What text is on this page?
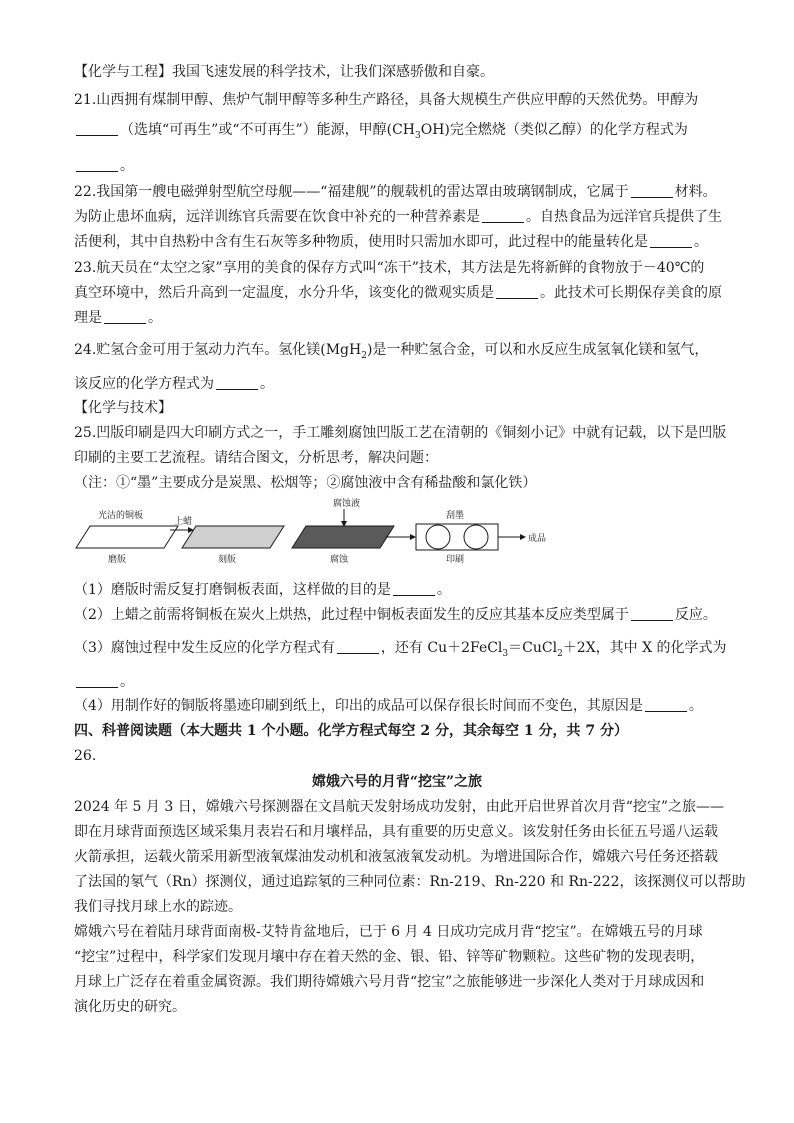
【化学与工程】我国飞速发展的科学技术，让我们深感骄傲和自豪。
21.山西拥有煤制甲醇、焦炉气制甲醇等多种生产路径，具备大规模生产供应甲醇的天然优势。甲醇为
（选填“可再生”或“不可再生”）能源，甲醇$(CH_3OH)$完全燃烧（类似乙醇）的化学方程式为
。
22.我国第一艘电磁弹射型航空母舰——“福建舰”的舰载机的雷达罩由玻璃钢制成，它属于	材料。
为防止患坏血病，远洋训练官兵需要在饮食中补充的一种营养素是	。自热食品为远洋官兵提供了生
活便利，其中自热粉中含有生石灰等多种物质，使用时只需加水即可，此过程中的能量转化是	。
23.航天员在“太空之家”享用的美食的保存方式叫“冻干”技术，其方法是先将新鲜的食物放于－40℃的
真空环境中，然后升高到一定温度，水分升华，该变化的微观实质是	。此技术可长期保存美食的原
理是	。
24.贮氢合金可用于氢动力汽车。氢化镁(MgH$_2$)是一种贮氢合金，可以和水反应生成氢氧化镁和氢气，
该反应的化学方程式为	。
【化学与技术】
25.凹版印刷是四大印刷方式之一，手工雕刻腐蚀凹版工艺在清朝的《铜刻小记》中就有记载，以下是凹版
印刷的主要工艺流程。请结合图文，分析思考，解决问题：
（注：①“墨”主要成分是炭黑、松烟等；②腐蚀液中含有稀盐酸和氯化铁）
光洁的铜板
磨版
上蜡
刻版	腐蚀
腐蚀液
刮墨
印刷
成品
（1）磨版时需反复打磨铜板表面，这样做的目的是	。
（2）上蜡之前需将铜板在炭火上烘热，此过程中铜板表面发生的反应其基本反应类型属于	反应。
（3）腐蚀过程中发生反应的化学方程式有	，还有 Cu＋2FeCl$_3$＝CuCl$_2$＋2X，其中 X 的化学式为
。
（4）用制作好的铜版将墨迹印刷到纸上，印出的成品可以保存很长时间而不变色，其原因是	。
四、科普阅读题（本大题共 1 个小题。化学方程式每空 2 分，其余每空 1 分，共 7 分）
26.
嫦娥六号的月背“挖宝”之旅
2024 年 5 月 3 日，嫦娥六号探测器在文昌航天发射场成功发射，由此开启世界首次月背“挖宝”之旅——
即在月球背面预选区域采集月表岩石和月壤样品，具有重要的历史意义。该发射任务由长征五号遥八运载
火箭承担，运载火箭采用新型液氧煤油发动机和液氢液氧发动机。为增进国际合作，嫦娥六号任务还搭载
了法国的氡气（Rn）探测仪，通过追踪氡的三种同位素：Rn-219、Rn-220 和 Rn-222，该探测仪可以帮助
我们寻找月球上水的踪迹。
嫦娥六号在着陆月球背面南极-艾特肯盆地后，已于 6 月 4 日成功完成月背“挖宝”。在嫦娥五号的月球
“挖宝”过程中，科学家们发现月壤中存在着天然的金、银、铅、锌等矿物颗粒。这些矿物的发现表明，
月球上广泛存在着重金属资源。我们期待嫦娥六号月背“挖宝”之旅能够进一步深化人类对于月球成因和
演化历史的研究。
